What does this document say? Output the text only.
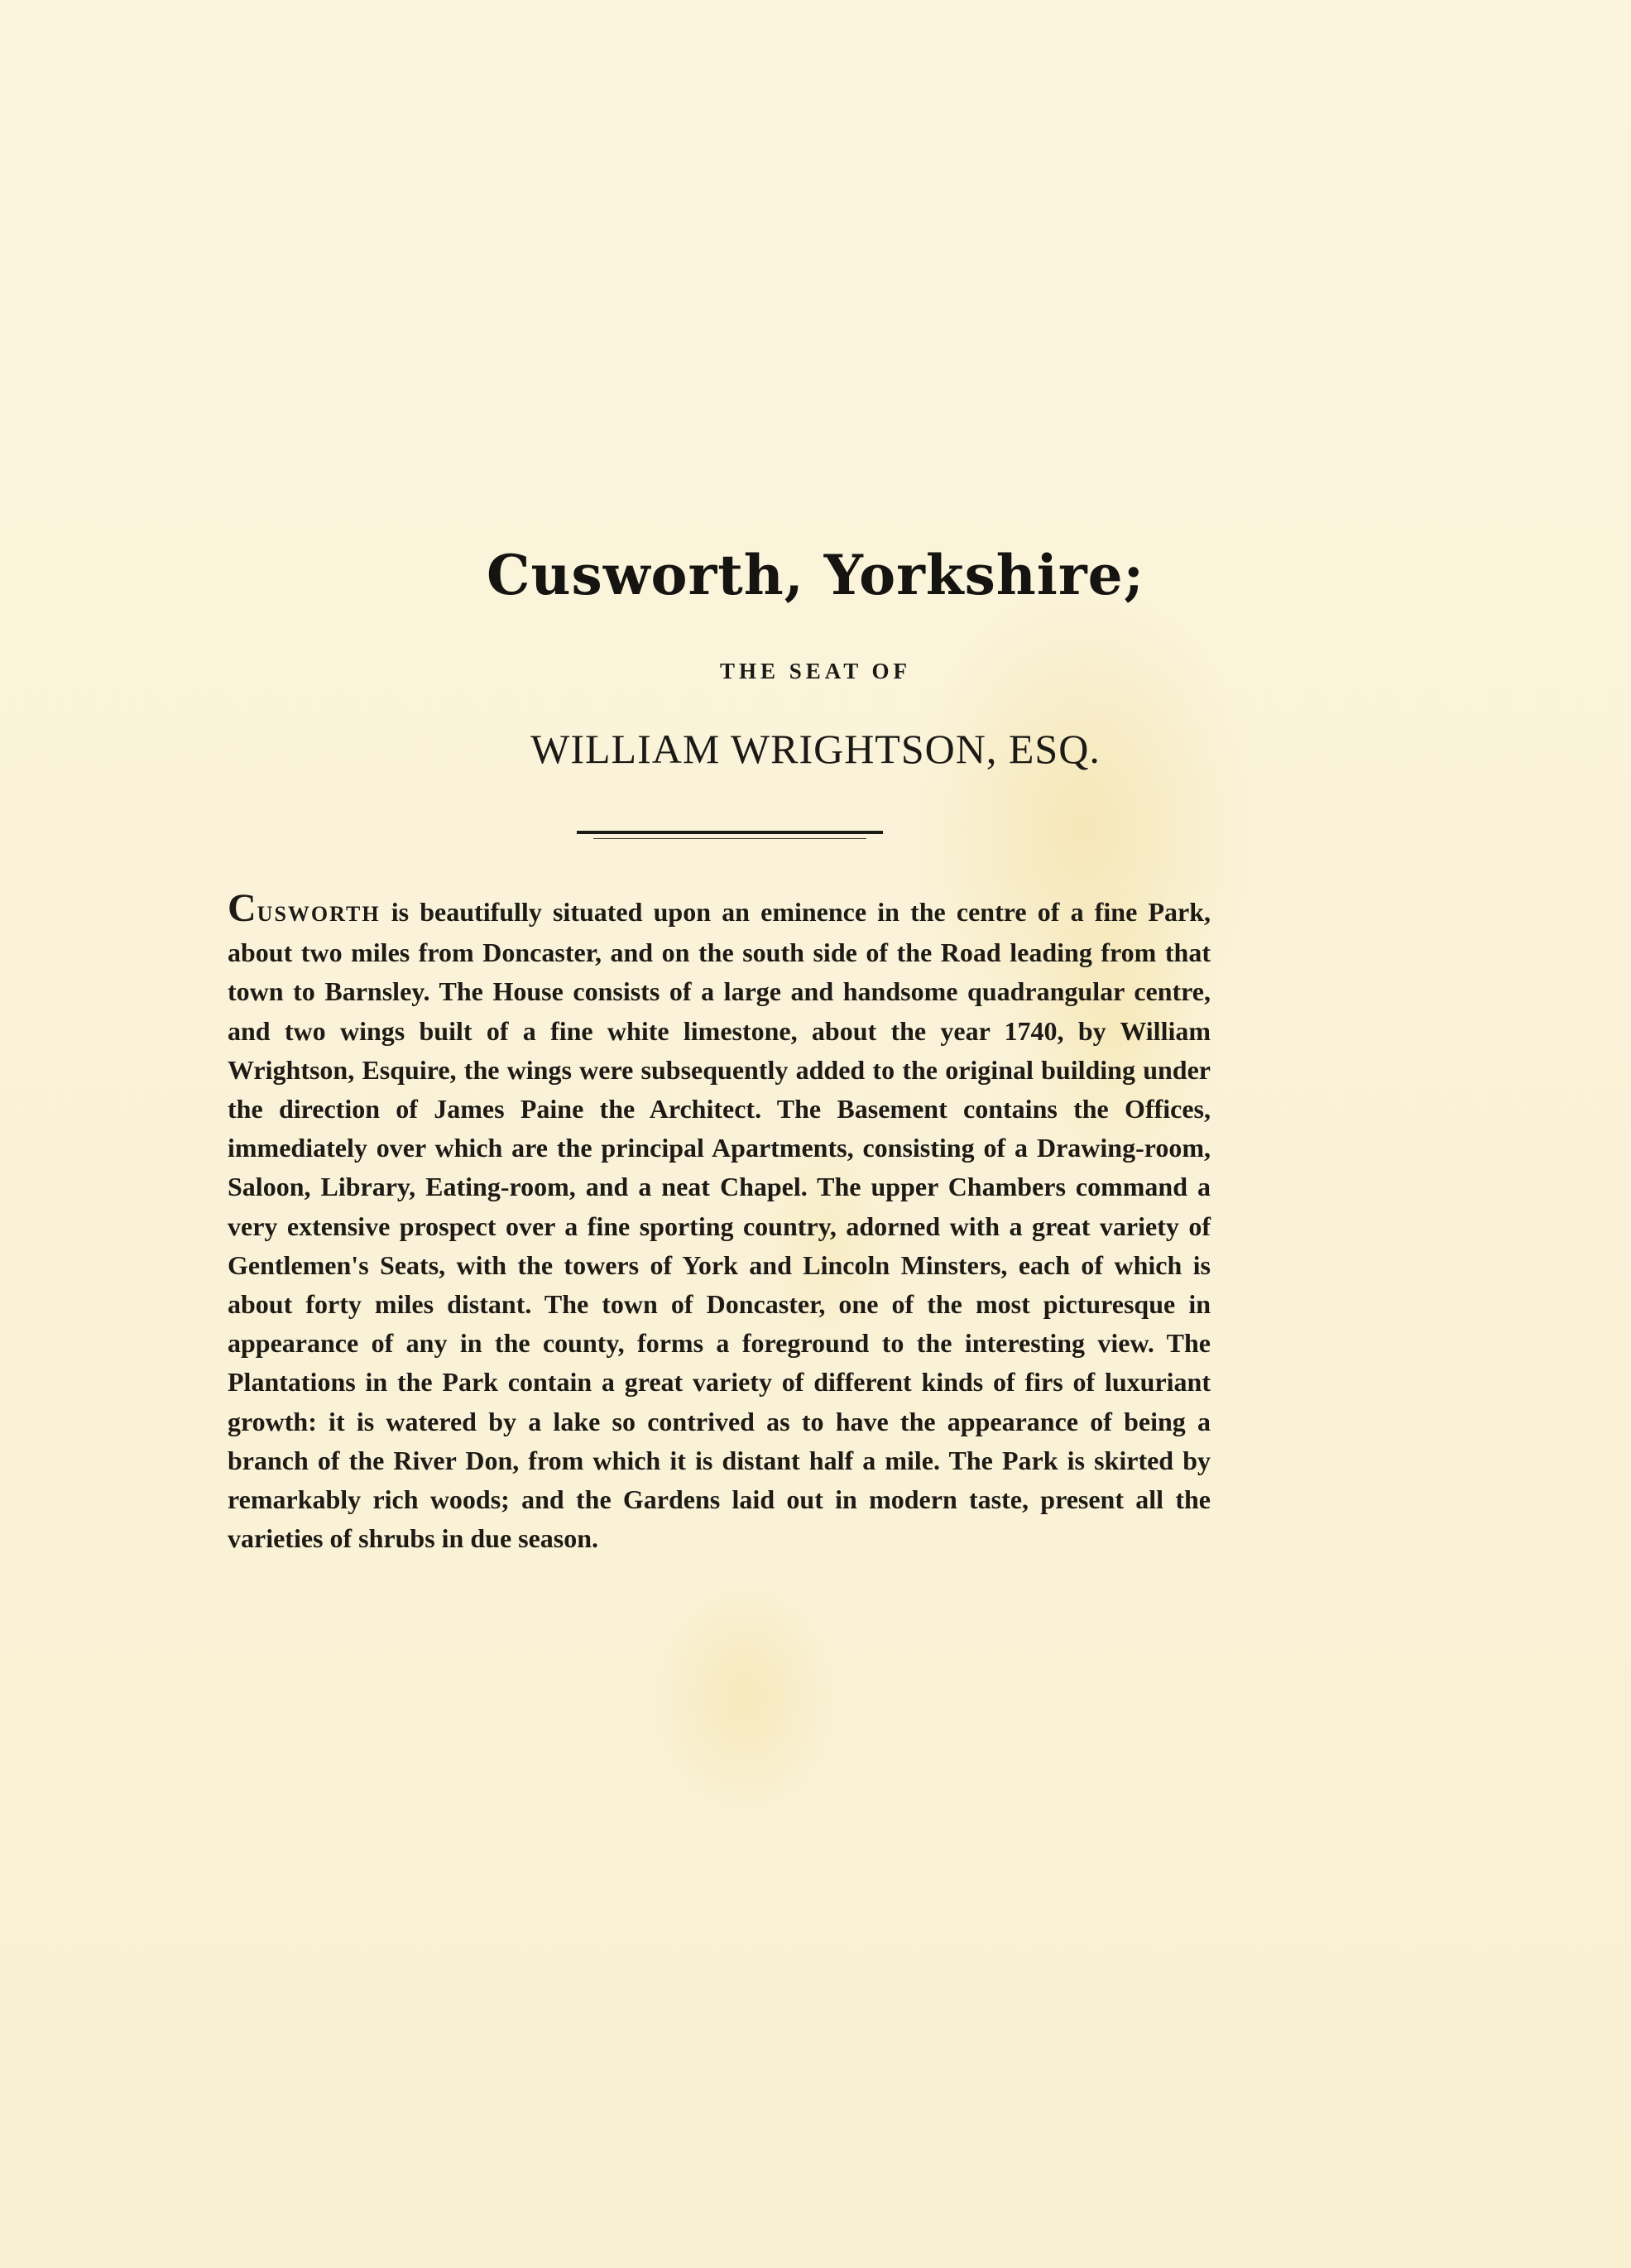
Cusworth, Yorkshire;
THE SEAT OF
WILLIAM WRIGHTSON, ESQ.

CUSWORTH is beautifully situated upon an eminence in the centre of a fine Park, about two miles from Doncaster, and on the south side of the Road leading from that town to Barnsley. The House consists of a large and handsome quadrangular centre, and two wings built of a fine white limestone, about the year 1740, by William Wrightson, Esquire, the wings were subsequently added to the original building under the direction of James Paine the Architect. The Basement contains the Offices, immediately over which are the principal Apartments, consisting of a Drawing-room, Saloon, Library, Eating-room, and a neat Chapel. The upper Chambers command a very extensive prospect over a fine sporting country, adorned with a great variety of Gentlemen's Seats, with the towers of York and Lincoln Minsters, each of which is about forty miles distant. The town of Doncaster, one of the most picturesque in appearance of any in the county, forms a foreground to the interesting view. The Plantations in the Park contain a great variety of different kinds of firs of luxuriant growth: it is watered by a lake so contrived as to have the appearance of being a branch of the River Don, from which it is distant half a mile. The Park is skirted by remarkably rich woods; and the Gardens laid out in modern taste, present all the varieties of shrubs in due season.
